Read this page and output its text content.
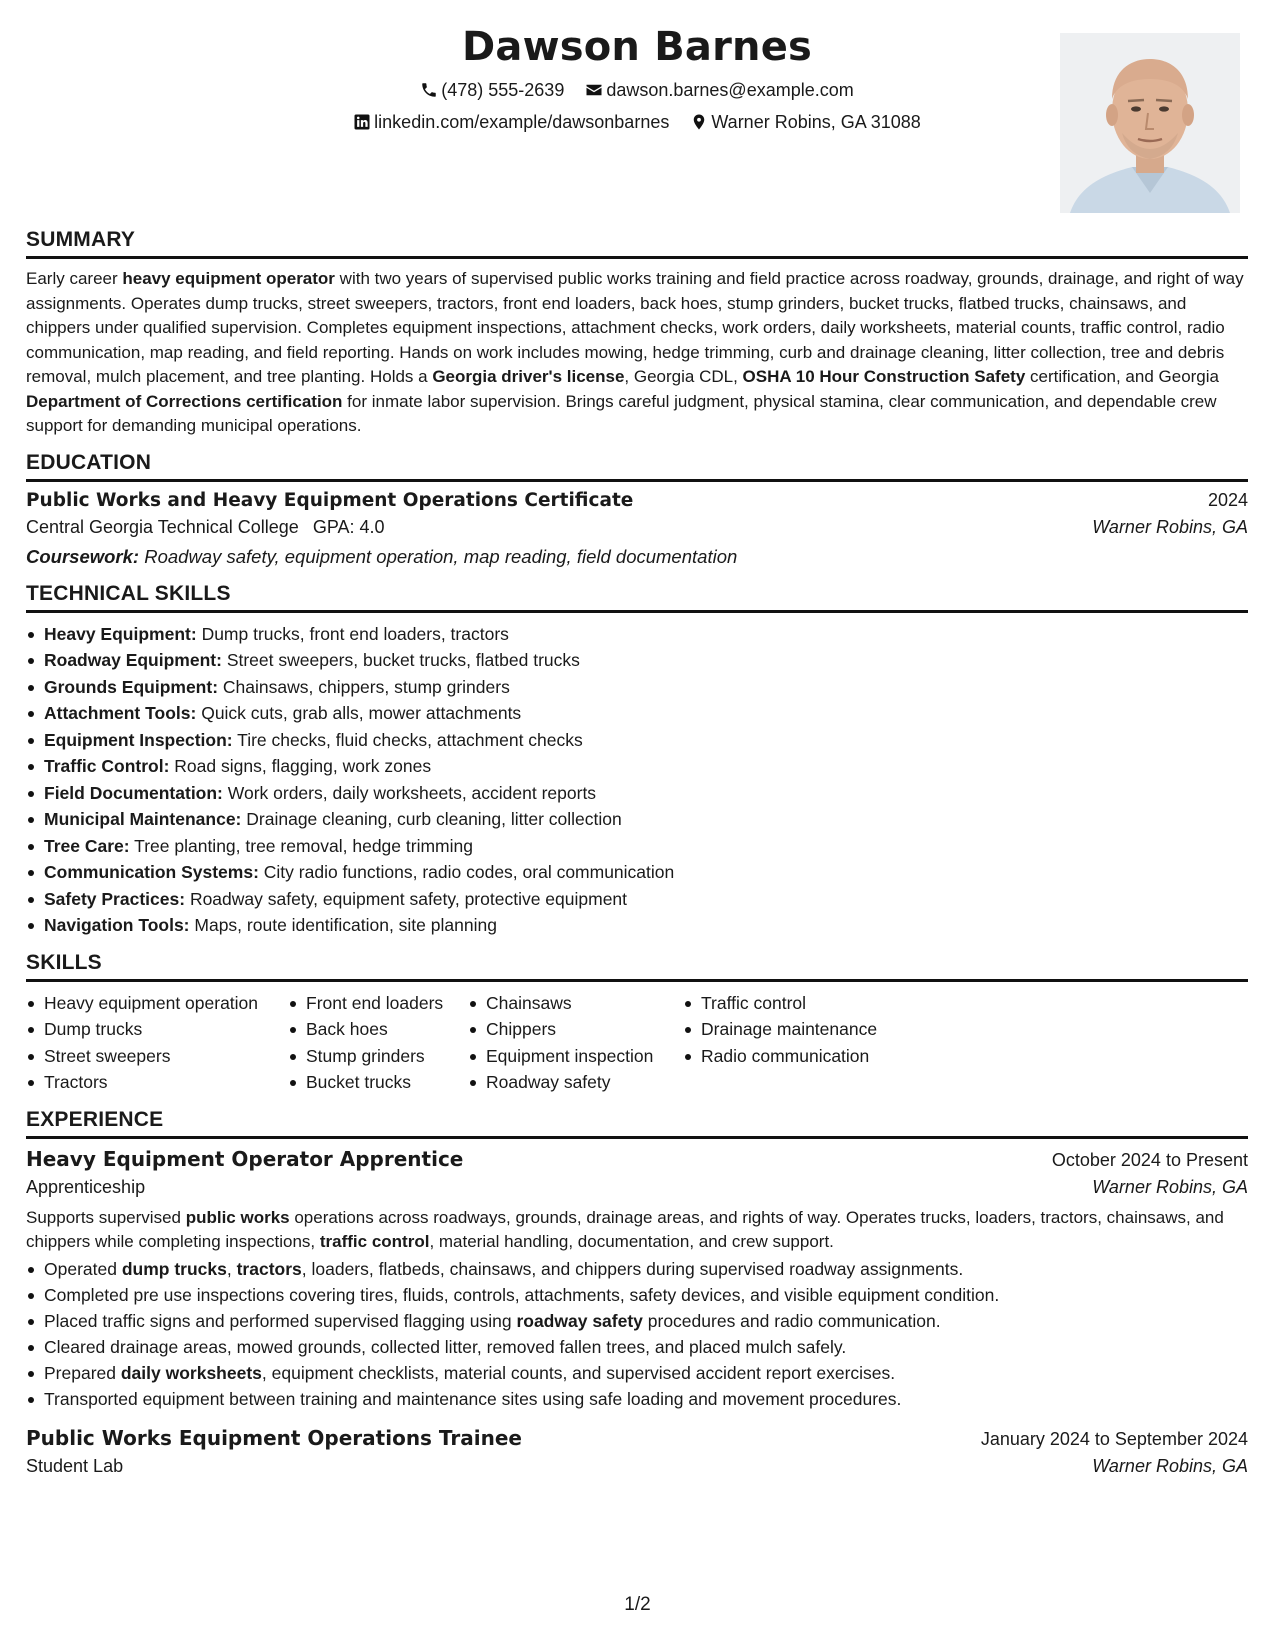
Dawson Barnes
(478) 555-2639 dawson.barnes@example.com
linkedin.com/example/dawsonbarnes Warner Robins, GA 31088
SUMMARY

Early career heavy equipment operator with two years of supervised public works training and field practice across roadway, grounds, drainage, and right of way assignments. Operates dump trucks, street sweepers, tractors, front end loaders, back hoes, stump grinders, bucket trucks, flatbed trucks, chainsaws, and chippers under qualified supervision. Completes equipment inspections, attachment checks, work orders, daily worksheets, material counts, traffic control, radio communication, map reading, and field reporting. Hands on work includes mowing, hedge trimming, curb and drainage cleaning, litter collection, tree and debris removal, mulch placement, and tree planting. Holds a Georgia driver's license, Georgia CDL, OSHA 10 Hour Construction Safety certification, and Georgia Department of Corrections certification for inmate labor supervision. Brings careful judgment, physical stamina, clear communication, and dependable crew support for demanding municipal operations.

EDUCATION
Public Works and Heavy Equipment Operations Certificate	2024
Central Georgia Technical College GPA: 4.0	Warner Robins, GA
Coursework: Roadway safety, equipment operation, map reading, field documentation
TECHNICAL SKILLS
Heavy Equipment: Dump trucks, front end loaders, tractors
Roadway Equipment: Street sweepers, bucket trucks, flatbed trucks
Grounds Equipment: Chainsaws, chippers, stump grinders
Attachment Tools: Quick cuts, grab alls, mower attachments
Equipment Inspection: Tire checks, fluid checks, attachment checks
Traffic Control: Road signs, flagging, work zones
Field Documentation: Work orders, daily worksheets, accident reports
Municipal Maintenance: Drainage cleaning, curb cleaning, litter collection
Tree Care: Tree planting, tree removal, hedge trimming
Communication Systems: City radio functions, radio codes, oral communication
Safety Practices: Roadway safety, equipment safety, protective equipment
Navigation Tools: Maps, route identification, site planning
SKILLS
Heavy equipment operation
Dump trucks
Street sweepers
Tractors
Front end loaders
Back hoes
Stump grinders
Bucket trucks
Chainsaws
Chippers
Equipment inspection
Roadway safety
Traffic control
Drainage maintenance
Radio communication
EXPERIENCE
Heavy Equipment Operator Apprentice	October 2024 to Present
Apprenticeship	Warner Robins, GA

Supports supervised public works operations across roadways, grounds, drainage areas, and rights of way. Operates trucks, loaders, tractors, chainsaws, and chippers while completing inspections, traffic control, material handling, documentation, and crew support.

Operated dump trucks, tractors, loaders, flatbeds, chainsaws, and chippers during supervised roadway assignments.
Completed pre use inspections covering tires, fluids, controls, attachments, safety devices, and visible equipment condition.
Placed traffic signs and performed supervised flagging using roadway safety procedures and radio communication.
Cleared drainage areas, mowed grounds, collected litter, removed fallen trees, and placed mulch safely.
Prepared daily worksheets, equipment checklists, material counts, and supervised accident report exercises.
Transported equipment between training and maintenance sites using safe loading and movement procedures.
Public Works Equipment Operations Trainee	January 2024 to September 2024
Student Lab	Warner Robins, GA
1/2
